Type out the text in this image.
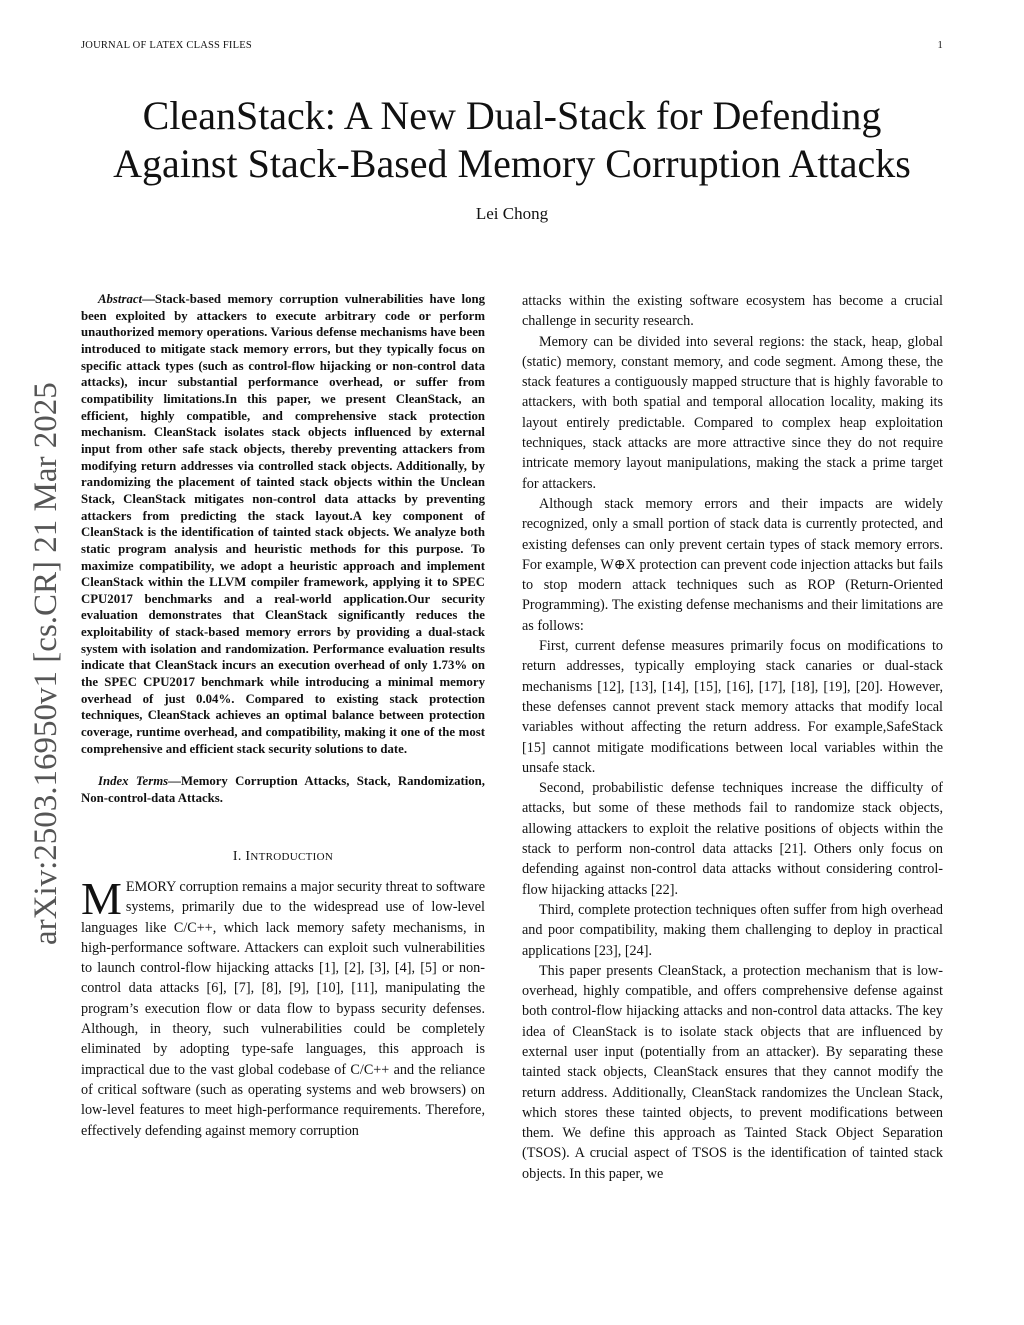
JOURNAL OF LATEX CLASS FILES	1
arXiv:2503.16950v1 [cs.CR] 21 Mar 2025
CleanStack: A New Dual-Stack for Defending
Against Stack-Based Memory Corruption Attacks
Lei Chong

Abstract—Stack-based memory corruption vulnerabilities have long been exploited by attackers to execute arbitrary code or perform unauthorized memory operations. Various defense mechanisms have been introduced to mitigate stack memory errors, but they typically focus on specific attack types (such as control-flow hijacking or non-control data attacks), incur substantial performance overhead, or suffer from compatibility limitations.In this paper, we present CleanStack, an efficient, highly compatible, and comprehensive stack protection mechanism. CleanStack isolates stack objects influenced by external input from other safe stack objects, thereby preventing attackers from modifying return addresses via controlled stack objects. Additionally, by randomizing the placement of tainted stack objects within the Unclean Stack, CleanStack mitigates non-control data attacks by preventing attackers from predicting the stack layout.A key component of CleanStack is the identification of tainted stack objects. We analyze both static program analysis and heuristic methods for this purpose. To maximize compatibility, we adopt a heuristic approach and implement CleanStack within the LLVM compiler framework, applying it to SPEC CPU2017 benchmarks and a real-world application.Our security evaluation demonstrates that CleanStack significantly reduces the exploitability of stack-based memory errors by providing a dual-stack system with isolation and randomization. Performance evaluation results indicate that CleanStack incurs an execution overhead of only 1.73% on the SPEC CPU2017 benchmark while introducing a minimal memory overhead of just 0.04%. Compared to existing stack protection techniques, CleanStack achieves an optimal balance between protection coverage, runtime overhead, and compatibility, making it one of the most comprehensive and efficient stack security solutions to date.

Index Terms—Memory Corruption Attacks, Stack, Randomization, Non-control-data Attacks.

I. INTRODUCTION

MEMORY corruption remains a major security threat to software systems, primarily due to the widespread use of low-level languages like C/C++, which lack memory safety mechanisms, in high-performance software. Attackers can exploit such vulnerabilities to launch control-flow hijacking attacks [1], [2], [3], [4], [5] or non-control data attacks [6], [7], [8], [9], [10], [11], manipulating the program’s execution flow or data flow to bypass security defenses. Although, in theory, such vulnerabilities could be completely eliminated by adopting type-safe languages, this approach is impractical due to the vast global codebase of C/C++ and the reliance of critical software (such as operating systems and web browsers) on low-level features to meet high-performance requirements. Therefore, effectively defending against memory corruption

attacks within the existing software ecosystem has become a crucial challenge in security research.

Memory can be divided into several regions: the stack, heap, global (static) memory, constant memory, and code segment. Among these, the stack features a contiguously mapped structure that is highly favorable to attackers, with both spatial and temporal allocation locality, making its layout entirely predictable. Compared to complex heap exploitation techniques, stack attacks are more attractive since they do not require intricate memory layout manipulations, making the stack a prime target for attackers.

Although stack memory errors and their impacts are widely recognized, only a small portion of stack data is currently protected, and existing defenses can only prevent certain types of stack memory errors. For example, W⊕X protection can prevent code injection attacks but fails to stop modern attack techniques such as ROP (Return-Oriented Programming). The existing defense mechanisms and their limitations are as follows:

First, current defense measures primarily focus on modifications to return addresses, typically employing stack canaries or dual-stack mechanisms [12], [13], [14], [15], [16], [17], [18], [19], [20]. However, these defenses cannot prevent stack memory attacks that modify local variables without affecting the return address. For example,SafeStack [15] cannot mitigate modifications between local variables within the unsafe stack.

Second, probabilistic defense techniques increase the difficulty of attacks, but some of these methods fail to randomize stack objects, allowing attackers to exploit the relative positions of objects within the stack to perform non-control data attacks [21]. Others only focus on defending against non-control data attacks without considering control-flow hijacking attacks [22].

Third, complete protection techniques often suffer from high overhead and poor compatibility, making them challenging to deploy in practical applications [23], [24].

This paper presents CleanStack, a protection mechanism that is low-overhead, highly compatible, and offers comprehensive defense against both control-flow hijacking attacks and non-control data attacks. The key idea of CleanStack is to isolate stack objects that are influenced by external user input (potentially from an attacker). By separating these tainted stack objects, CleanStack ensures that they cannot modify the return address. Additionally, CleanStack randomizes the Unclean Stack, which stores these tainted objects, to prevent modifications between them. We define this approach as Tainted Stack Object Separation (TSOS). A crucial aspect of TSOS is the identification of tainted stack objects. In this paper, we
